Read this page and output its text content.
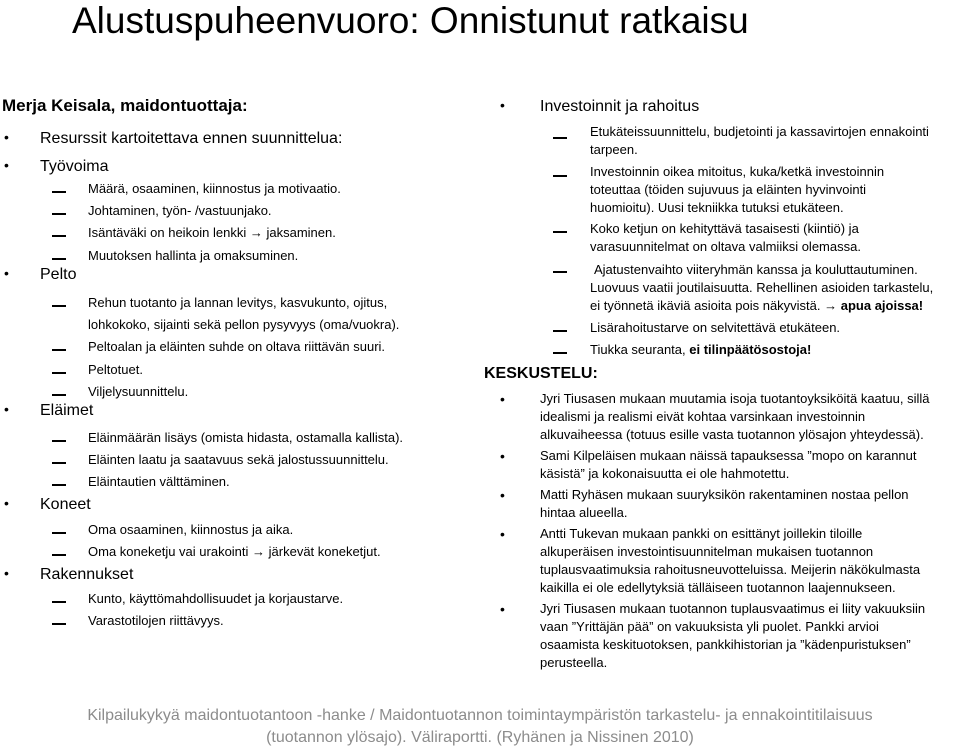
Alustuspuheenvuoro: Onnistunut ratkaisu
Merja Keisala, maidontuottaja:
• Resurssit kartoitettava ennen suunnittelua:
• Työvoima
Määrä, osaaminen, kiinnostus ja motivaatio.
Johtaminen, työn- /vastuunjako.
Isäntäväki on heikoin lenkki → jaksaminen.
Muutoksen hallinta ja omaksuminen.
• Pelto
Rehun tuotanto ja lannan levitys, kasvukunto, ojitus,
lohkokoko, sijainti sekä pellon pysyvyys (oma/vuokra).
Peltoalan ja eläinten suhde on oltava riittävän suuri.
Peltotuet.
Viljelysuunnittelu.
• Eläimet
Eläinmäärän lisäys (omista hidasta, ostamalla kallista).
Eläinten laatu ja saatavuus sekä jalostussuunnittelu.
Eläintautien välttäminen.
• Koneet
Oma osaaminen, kiinnostus ja aika.
Oma koneketju vai urakointi → järkevät koneketjut.
• Rakennukset
Kunto, käyttömahdollisuudet ja korjaustarve.
Varastotilojen riittävyys.
• Investoinnit ja rahoitus
Etukäteissuunnittelu, budjetointi ja kassavirtojen ennakointi
tarpeen.
Investoinnin oikea mitoitus, kuka/ketkä investoinnin
toteuttaa (töiden sujuvuus ja eläinten hyvinvointi
huomioitu). Uusi tekniikka tutuksi etukäteen.
Koko ketjun on kehityttävä tasaisesti (kiintiö) ja
varasuunnitelmat on oltava valmiiksi olemassa.
Ajatustenvaihto viiteryhmän kanssa ja kouluttautuminen.
Luovuus vaatii joutilaisuutta. Rehellinen asioiden tarkastelu,
ei työnnetä ikäviä asioita pois näkyvistä. → apua ajoissa!
Lisärahoitustarve on selvitettävä etukäteen.
Tiukka seuranta, ei tilinpäätösostoja!
KESKUSTELU:
•	Jyri Tiusasen mukaan muutamia isoja tuotantoyksiköitä kaatuu, sillä
idealismi ja realismi eivät kohtaa varsinkaan investoinnin
alkuvaiheessa (totuus esille vasta tuotannon ylösajon yhteydessä).
•	Sami Kilpeläisen mukaan näissä tapauksessa ”mopo on karannut
käsistä” ja kokonaisuutta ei ole hahmotettu.
•	Matti Ryhäsen mukaan suuryksikön rakentaminen nostaa pellon
hintaa alueella.
•	Antti Tukevan mukaan pankki on esittänyt joillekin tiloille
alkuperäisen investointisuunnitelman mukaisen tuotannon
tuplausvaatimuksia rahoitusneuvotteluissa. Meijerin näkökulmasta
kaikilla ei ole edellytyksiä tälläiseen tuotannon laajennukseen.
•	Jyri Tiusasen mukaan tuotannon tuplausvaatimus ei liity vakuuksiin
vaan ”Yrittäjän pää” on vakuuksista yli puolet. Pankki arvioi
osaamista keskituotoksen, pankkihistorian ja ”kädenpuristuksen”
perusteella.
Kilpailukykyä maidontuotantoon -hanke / Maidontuotannon toimintaympäristön tarkastelu- ja ennakointitilaisuus
(tuotannon ylösajo). Väliraportti. (Ryhänen ja Nissinen 2010)
